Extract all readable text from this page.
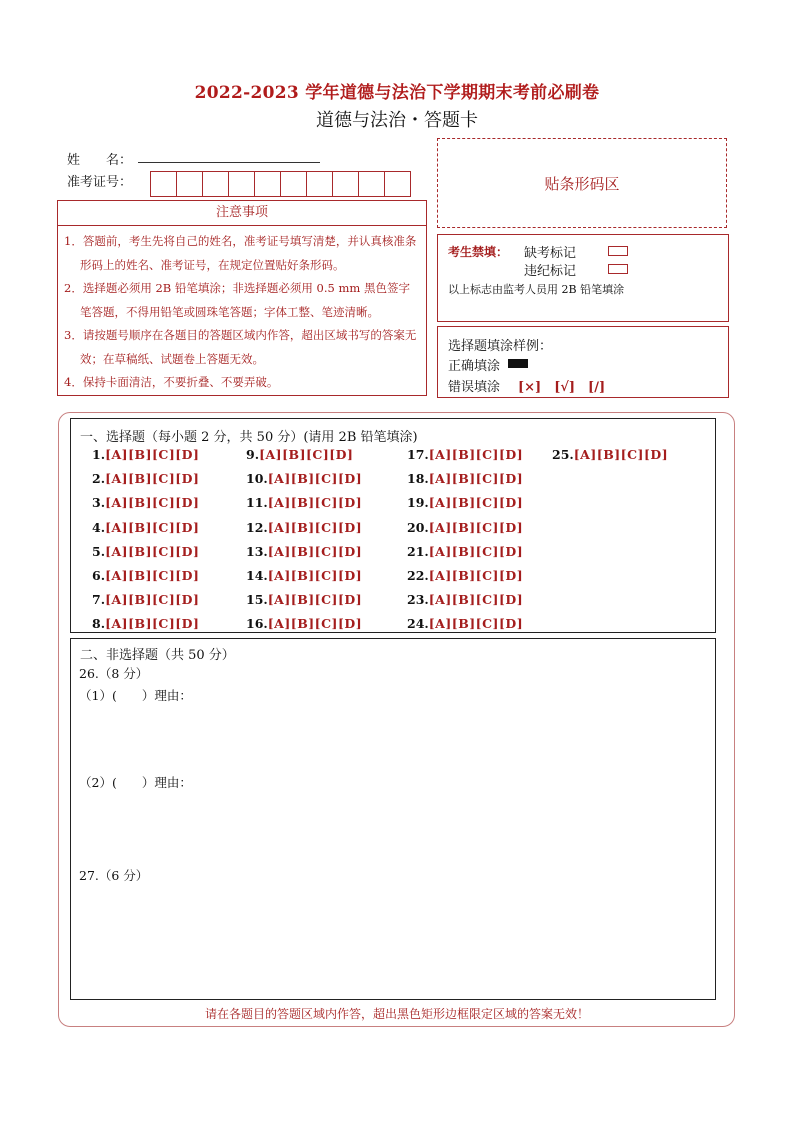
2022-2023 学年道德与法治下学期期末考前必刷卷
道德与法治・答题卡
姓　　名：
准考证号：	贴条形码区
注意事项
1．答题前，考生先将自己的姓名，准考证号填写清楚，并认真核准条形码上的姓名、准考证号，在规定位置贴好条形码。
2．选择题必须用 2B 铅笔填涂；非选择题必须用 0.5 mm 黑色签字笔答题，不得用铅笔或圆珠笔答题；字体工整、笔迹清晰。
3．请按题号顺序在各题目的答题区域内作答，超出区域书写的答案无效；在草稿纸、试题卷上答题无效。
4．保持卡面清洁，不要折叠、不要弄破。
考生禁填： 缺考标记
违纪标记
以上标志由监考人员用 2B 铅笔填涂
选择题填涂样例：
正确填涂
错误填涂 [×]　[√]　[/]
一、选择题（每小题 2 分，共 50 分）(请用 2B 铅笔填涂)
1.[A][B][C][D]
2.[A][B][C][D]
3.[A][B][C][D]
4.[A][B][C][D]
5.[A][B][C][D]
6.[A][B][C][D]
7.[A][B][C][D]
8.[A][B][C][D]
9.[A][B][C][D]
10.[A][B][C][D]
11.[A][B][C][D]
12.[A][B][C][D]
13.[A][B][C][D]
14.[A][B][C][D]
15.[A][B][C][D]
16.[A][B][C][D]
17.[A][B][C][D]
18.[A][B][C][D]
19.[A][B][C][D]
20.[A][B][C][D]
21.[A][B][C][D]
22.[A][B][C][D]
23.[A][B][C][D]
24.[A][B][C][D]
25.[A][B][C][D]
二、非选择题（共 50 分）
26.（8 分）
（1）(　　）理由：
（2）(　　）理由：
27.（6 分）
请在各题目的答题区域内作答，超出黑色矩形边框限定区域的答案无效！
